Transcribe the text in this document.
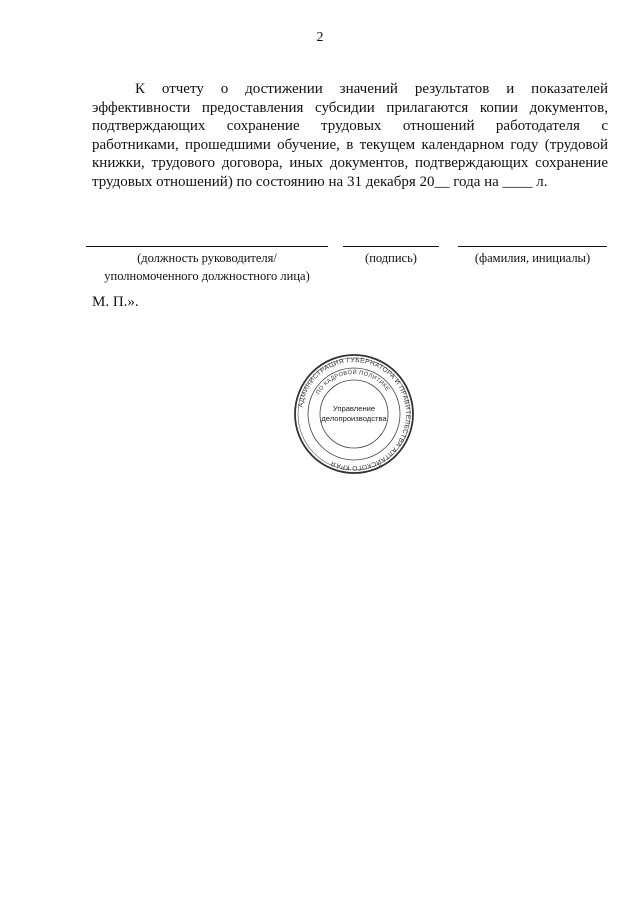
2

К отчету о достижении значений результатов и показателей эффективности предоставления субсидии прилагаются копии документов, подтверждающих сохранение трудовых отношений работодателя с работниками, прошедшими обучение, в текущем календарном году (трудовой книжки, трудового договора, иных документов, подтверждающих сохранение трудовых отношений) по состоянию на 31 декабря 20__ года на ____ л.

(должность руководителя/
уполномоченного должностного лица)
(подпись)	(фамилия, инициалы)
М. П.».
АДМИНИСТРАЦИЯ ГУБЕРНАТОРА И ПРАВИТЕЛЬСТВА АЛТАЙСКОГО КРАЯ
ПО КАДРОВОЙ ПОЛИТИКЕ
Управление
делопроизводства
